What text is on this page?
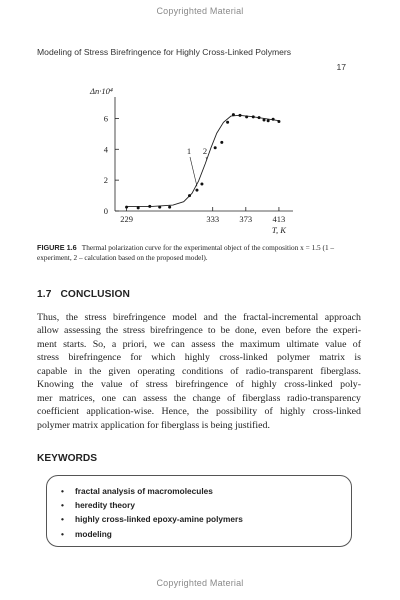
Copyrighted Material
Modeling of Stress Birefringence for Highly Cross-Linked Polymers
17
229	333 373 413
0
2
4
6
Δn·10⁴
T, K
1 2
FIGURE 1.6 Thermal polarization curve for the experimental object of the composition x = 1.5 (1 – experiment, 2 – calculation based on the proposed model).
1.7 CONCLUSION
Thus, the stress birefringence model and the fractal-incremental approach
allow assessing the stress birefringence to be done, even before the experi-
ment starts. So, a priori, we can assess the maximum ultimate value of
stress birefringence for which highly cross-linked polymer matrix is
capable in the given operating conditions of radio-transparent fiberglass.
Knowing the value of stress birefringence of highly cross-linked poly-
mer matrices, one can assess the change of fiberglass radio-transparency
coefficient application-wise. Hence, the possibility of highly cross-linked
polymer matrix application for fiberglass is being justified.
KEYWORDS
• fractal analysis of macromolecules
• heredity theory
• highly cross-linked epoxy-amine polymers
• modeling
Copyrighted Material
